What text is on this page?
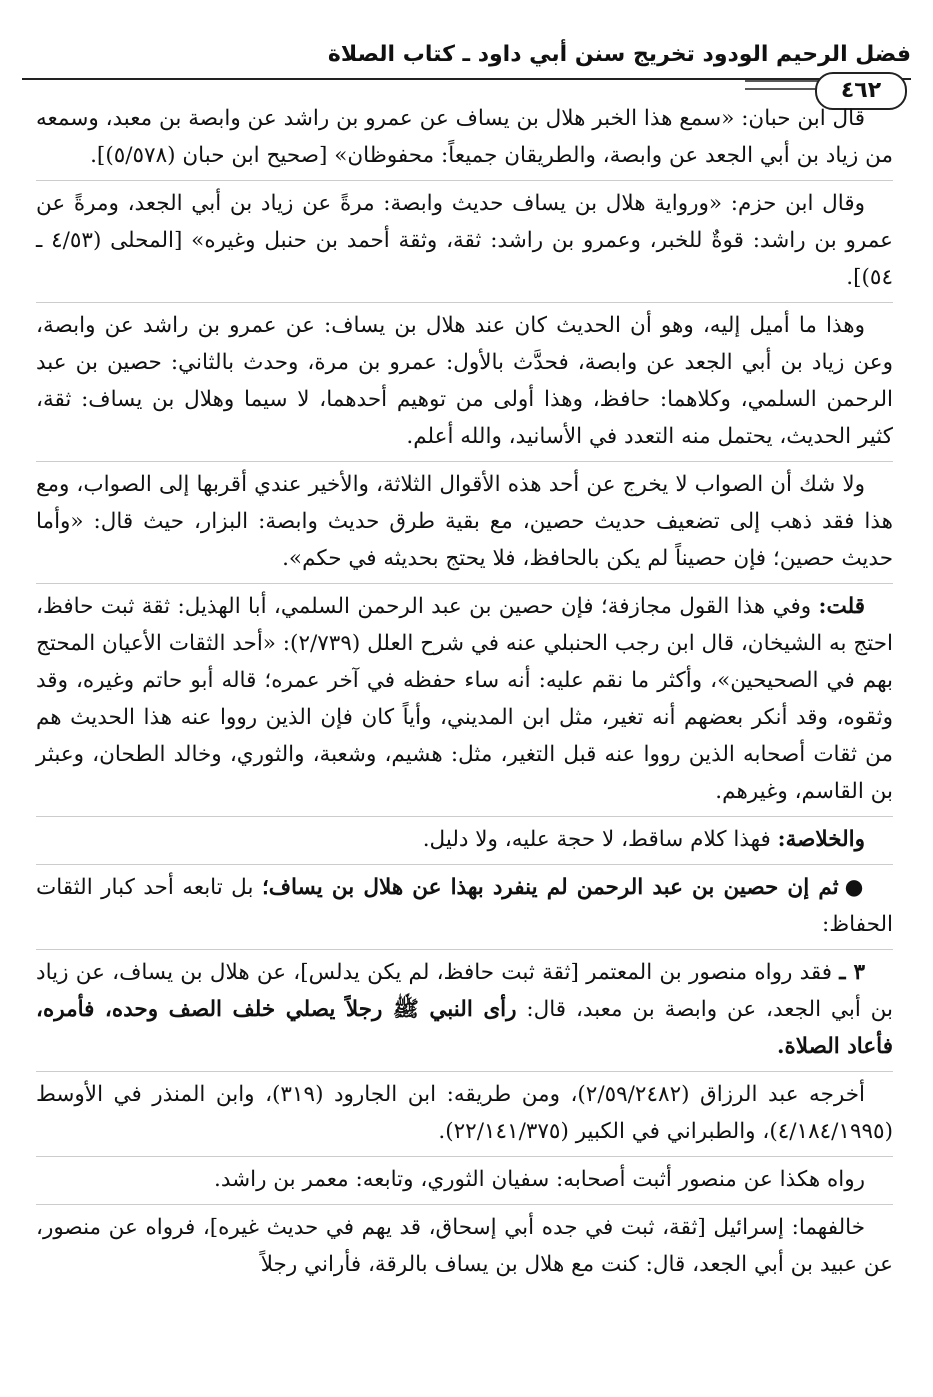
فضل الرحيم الودود تخريج سنن أبي داود ـ كتاب الصلاة
٤٦٢

قال ابن حبان: «سمع هذا الخبر هلال بن يساف عن عمرو بن راشد عن وابصة بن معبد، وسمعه من زياد بن أبي الجعد عن وابصة، والطريقان جميعاً: محفوظان» [صحيح ابن حبان (٥/٥٧٨)].

وقال ابن حزم: «ورواية هلال بن يساف حديث وابصة: مرةً عن زياد بن أبي الجعد، ومرةً عن عمرو بن راشد: قوةٌ للخبر، وعمرو بن راشد: ثقة، وثقة أحمد بن حنبل وغيره» [المحلى (٤/٥٣ ـ ٥٤)].

وهذا ما أميل إليه، وهو أن الحديث كان عند هلال بن يساف: عن عمرو بن راشد عن وابصة، وعن زياد بن أبي الجعد عن وابصة، فحدَّث بالأول: عمرو بن مرة، وحدث بالثاني: حصين بن عبد الرحمن السلمي، وكلاهما: حافظ، وهذا أولى من توهيم أحدهما، لا سيما وهلال بن يساف: ثقة، كثير الحديث، يحتمل منه التعدد في الأسانيد، والله أعلم.

ولا شك أن الصواب لا يخرج عن أحد هذه الأقوال الثلاثة، والأخير عندي أقربها إلى الصواب، ومع هذا فقد ذهب إلى تضعيف حديث حصين، مع بقية طرق حديث وابصة: البزار، حيث قال: «وأما حديث حصين؛ فإن حصيناً لم يكن بالحافظ، فلا يحتج بحديثه في حكم».

قلت: وفي هذا القول مجازفة؛ فإن حصين بن عبد الرحمن السلمي، أبا الهذيل: ثقة ثبت حافظ، احتج به الشيخان، قال ابن رجب الحنبلي عنه في شرح العلل (٢/٧٣٩): «أحد الثقات الأعيان المحتج بهم في الصحيحين»، وأكثر ما نقم عليه: أنه ساء حفظه في آخر عمره؛ قاله أبو حاتم وغيره، وقد وثقوه، وقد أنكر بعضهم أنه تغير، مثل ابن المديني، وأياً كان فإن الذين رووا عنه هذا الحديث هم من ثقات أصحابه الذين رووا عنه قبل التغير، مثل: هشيم، وشعبة، والثوري، وخالد الطحان، وعبثر بن القاسم، وغيرهم.

والخلاصة: فهذا كلام ساقط، لا حجة عليه، ولا دليل.

●ثم إن حصين بن عبد الرحمن لم ينفرد بهذا عن هلال بن يساف؛ بل تابعه أحد كبار الثقات الحفاظ:

٣ ـ فقد رواه منصور بن المعتمر [ثقة ثبت حافظ، لم يكن يدلس]، عن هلال بن يساف، عن زياد بن أبي الجعد، عن وابصة بن معبد، قال: رأى النبي ﷺ رجلاً يصلي خلف الصف وحده، فأمره، فأعاد الصلاة.

أخرجه عبد الرزاق (٢/٥٩/٢٤٨٢)، ومن طريقه: ابن الجارود (٣١٩)، وابن المنذر في الأوسط (٤/١٨٤/١٩٩٥)، والطبراني في الكبير (٢٢/١٤١/٣٧٥).

رواه هكذا عن منصور أثبت أصحابه: سفيان الثوري، وتابعه: معمر بن راشد.

خالفهما: إسرائيل [ثقة، ثبت في جده أبي إسحاق، قد يهم في حديث غيره]، فرواه عن منصور، عن عبيد بن أبي الجعد، قال: كنت مع هلال بن يساف بالرقة، فأراني رجلاً
